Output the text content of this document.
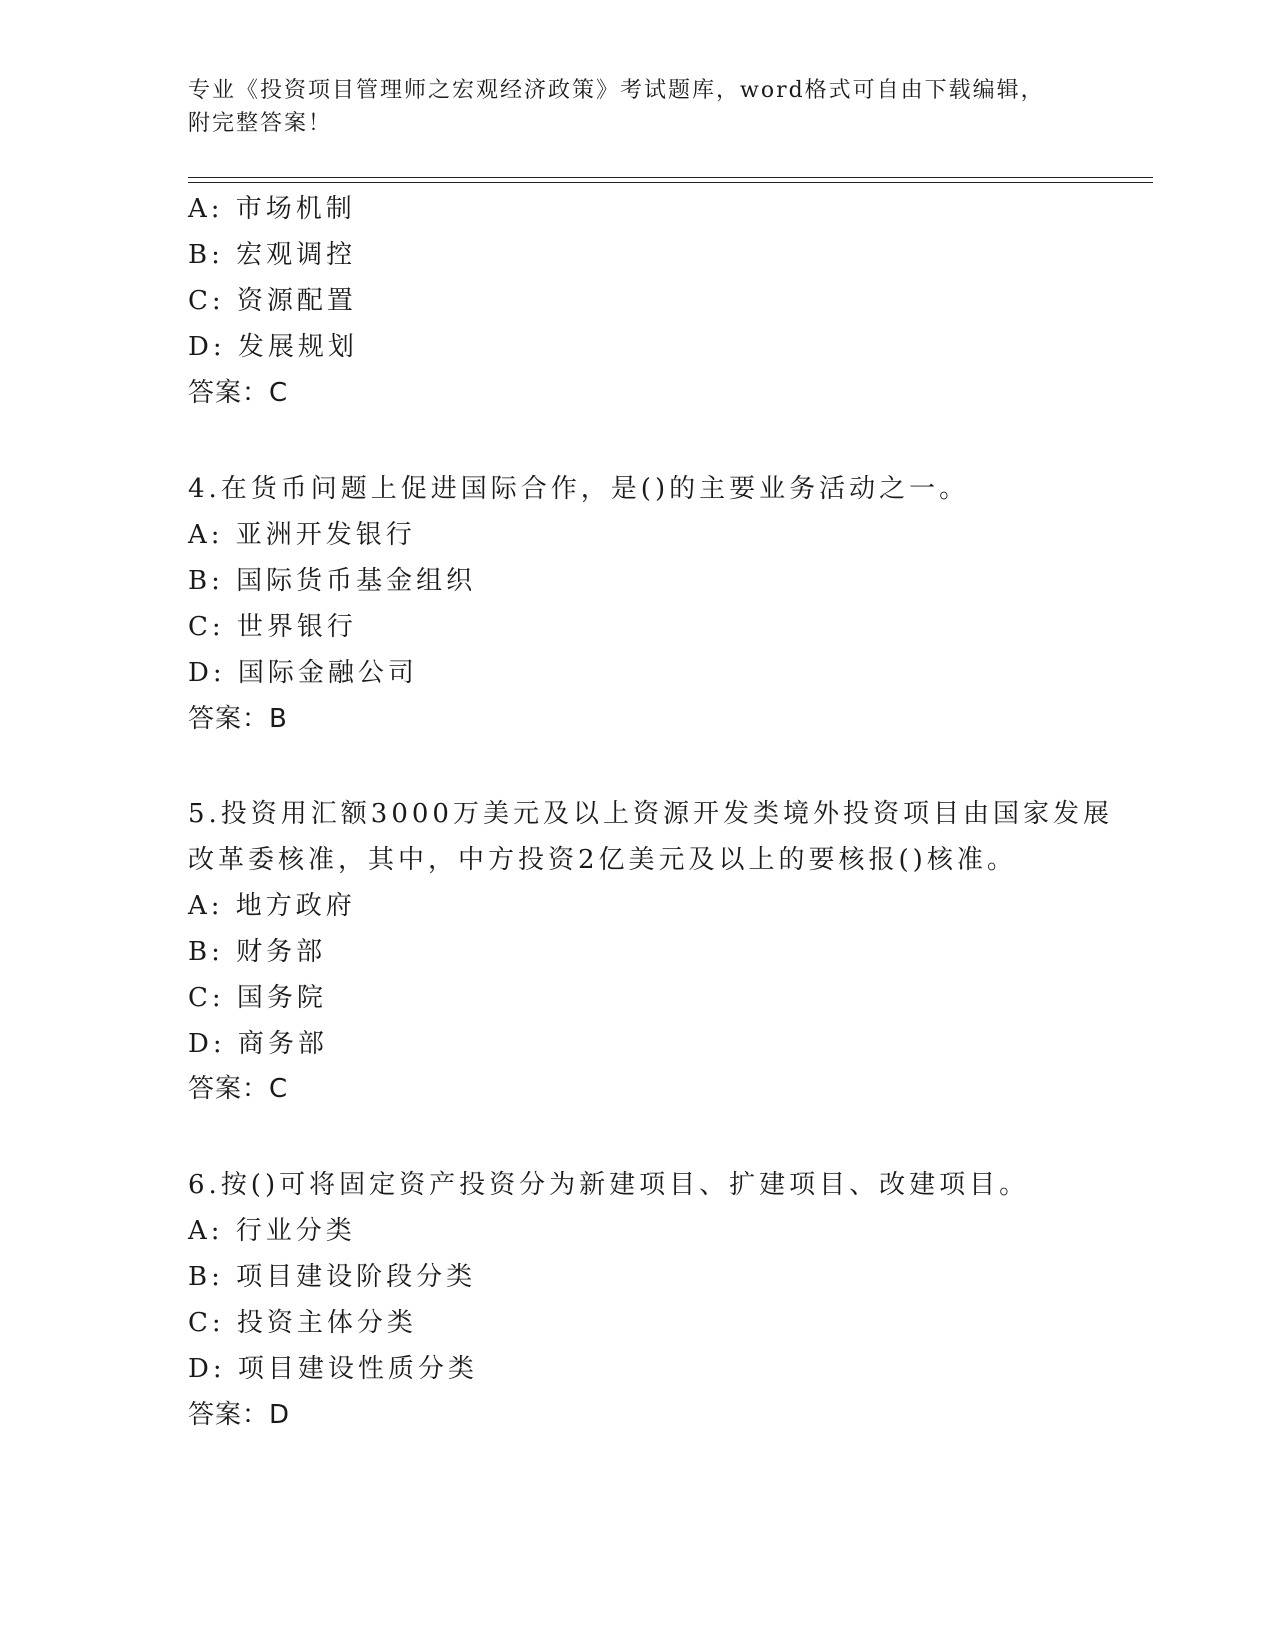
专业《投资项目管理师之宏观经济政策》考试题库，word格式可自由下载编辑，
附完整答案！
A: 市场机制
B: 宏观调控
C: 资源配置
D: 发展规划
答案：C
4.在货币问题上促进国际合作，是()的主要业务活动之一。
A: 亚洲开发银行
B: 国际货币基金组织
C: 世界银行
D: 国际金融公司
答案：B
5.投资用汇额3000万美元及以上资源开发类境外投资项目由国家发展
改革委核准，其中，中方投资2亿美元及以上的要核报()核准。
A: 地方政府
B: 财务部
C: 国务院
D: 商务部
答案：C
6.按()可将固定资产投资分为新建项目、扩建项目、改建项目。
A: 行业分类
B: 项目建设阶段分类
C: 投资主体分类
D: 项目建设性质分类
答案：D
